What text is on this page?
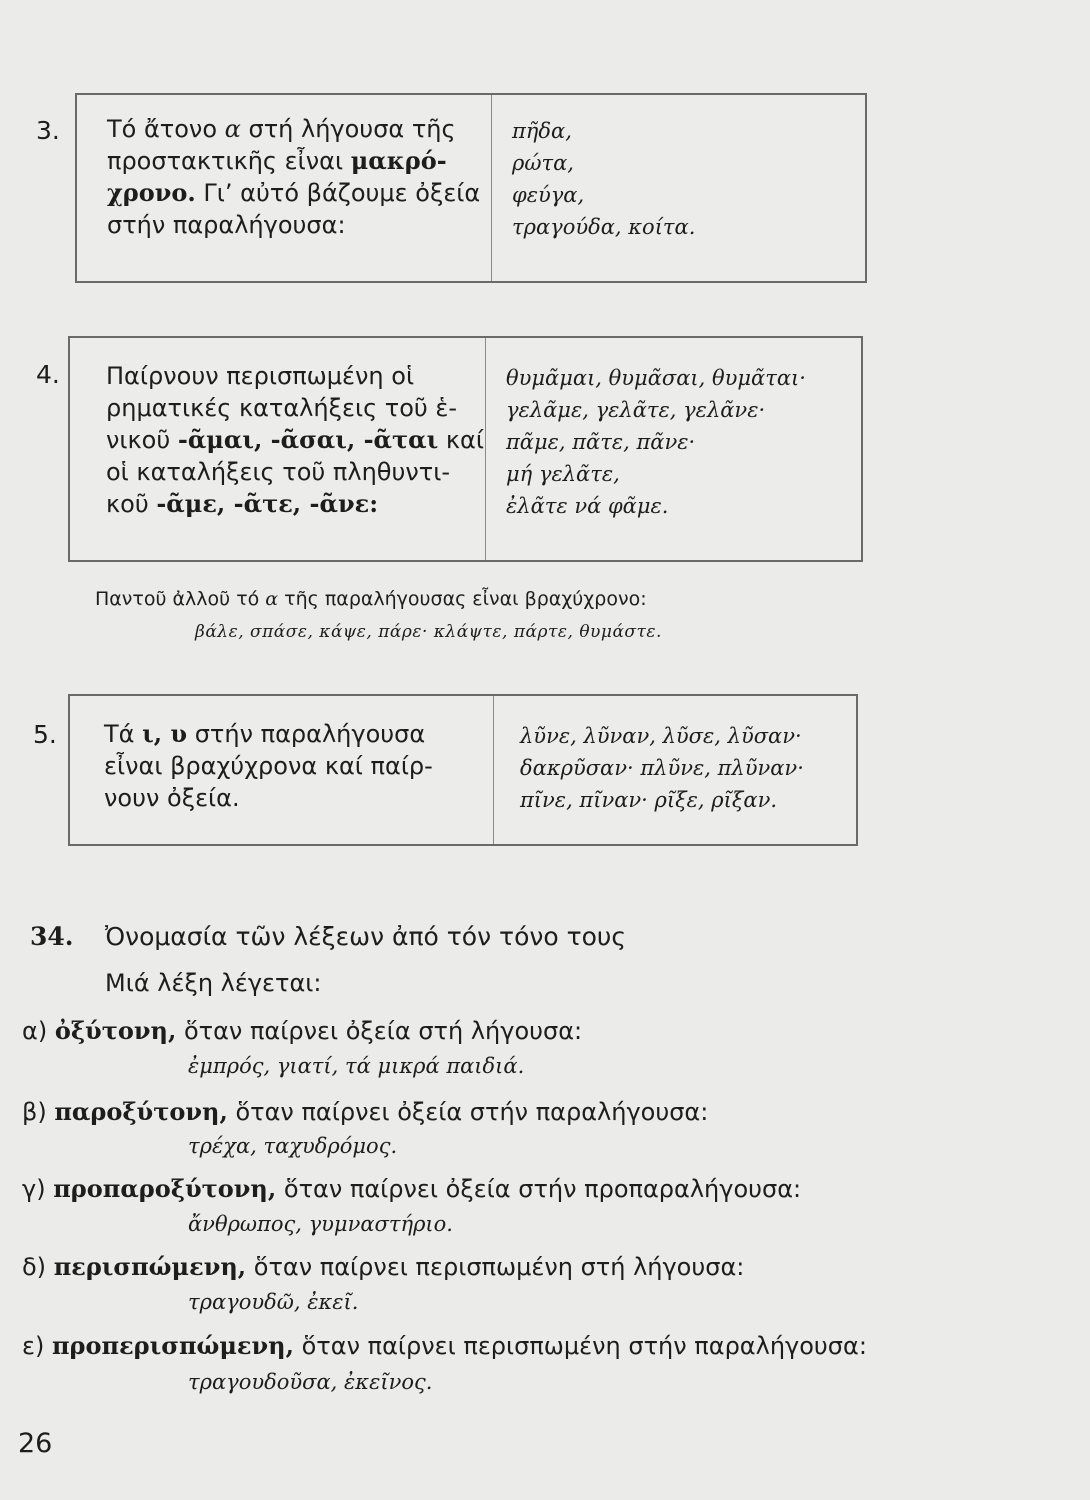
3. Τό ἄτονο α στή λήγουσα τῆς
προστακτικῆς εἶναι μακρό-
χρονο. Γι’ αὐτό βάζουμε ὀξεία
στήν παραλήγουσα:
πῆδα,
ρώτα,
φεύγα,
τραγούδα, κοίτα.
4. Παίρνουν περισπωμένη οἱ
ρηματικές καταλήξεις τοῦ ἑ-
νικοῦ -ᾶμαι, -ᾶσαι, -ᾶται καί
οἱ καταλήξεις τοῦ πληθυντι-
κοῦ -ᾶμε, -ᾶτε, -ᾶνε:
θυμᾶμαι, θυμᾶσαι, θυμᾶται·
γελᾶμε, γελᾶτε, γελᾶνε·
πᾶμε, πᾶτε, πᾶνε·
μή γελᾶτε,
ἐλᾶτε νά φᾶμε.
Παντοῦ ἀλλοῦ τό α τῆς παραλήγουσας εἶναι βραχύχρονο:
βάλε, σπάσε, κάψε, πάρε· κλάψτε, πάρτε, θυμάστε.
5. Τά ι, υ στήν παραλήγουσα
εἶναι βραχύχρονα καί παίρ-
νουν ὀξεία.
λῦνε, λῦναν, λῦσε, λῦσαν·
δακρῦσαν· πλῦνε, πλῦναν·
πῖνε, πῖναν· ρῖξε, ρῖξαν.
34. Ὀνομασία τῶν λέξεων ἀπό τόν τόνο τους
Μιά λέξη λέγεται:
α) ὀξύτονη, ὅταν παίρνει ὀξεία στή λήγουσα:
ἐμπρός, γιατί, τά μικρά παιδιά.
β) παροξύτονη, ὅταν παίρνει ὀξεία στήν παραλήγουσα:
τρέχα, ταχυδρόμος.
γ) προπαροξύτονη, ὅταν παίρνει ὀξεία στήν προπαραλήγουσα:
ἄνθρωπος, γυμναστήριο.
δ) περισπώμενη, ὅταν παίρνει περισπωμένη στή λήγουσα:
τραγουδῶ, ἐκεῖ.
ε) προπερισπώμενη, ὅταν παίρνει περισπωμένη στήν παραλήγουσα:
τραγουδοῦσα, ἐκεῖνος.
26
